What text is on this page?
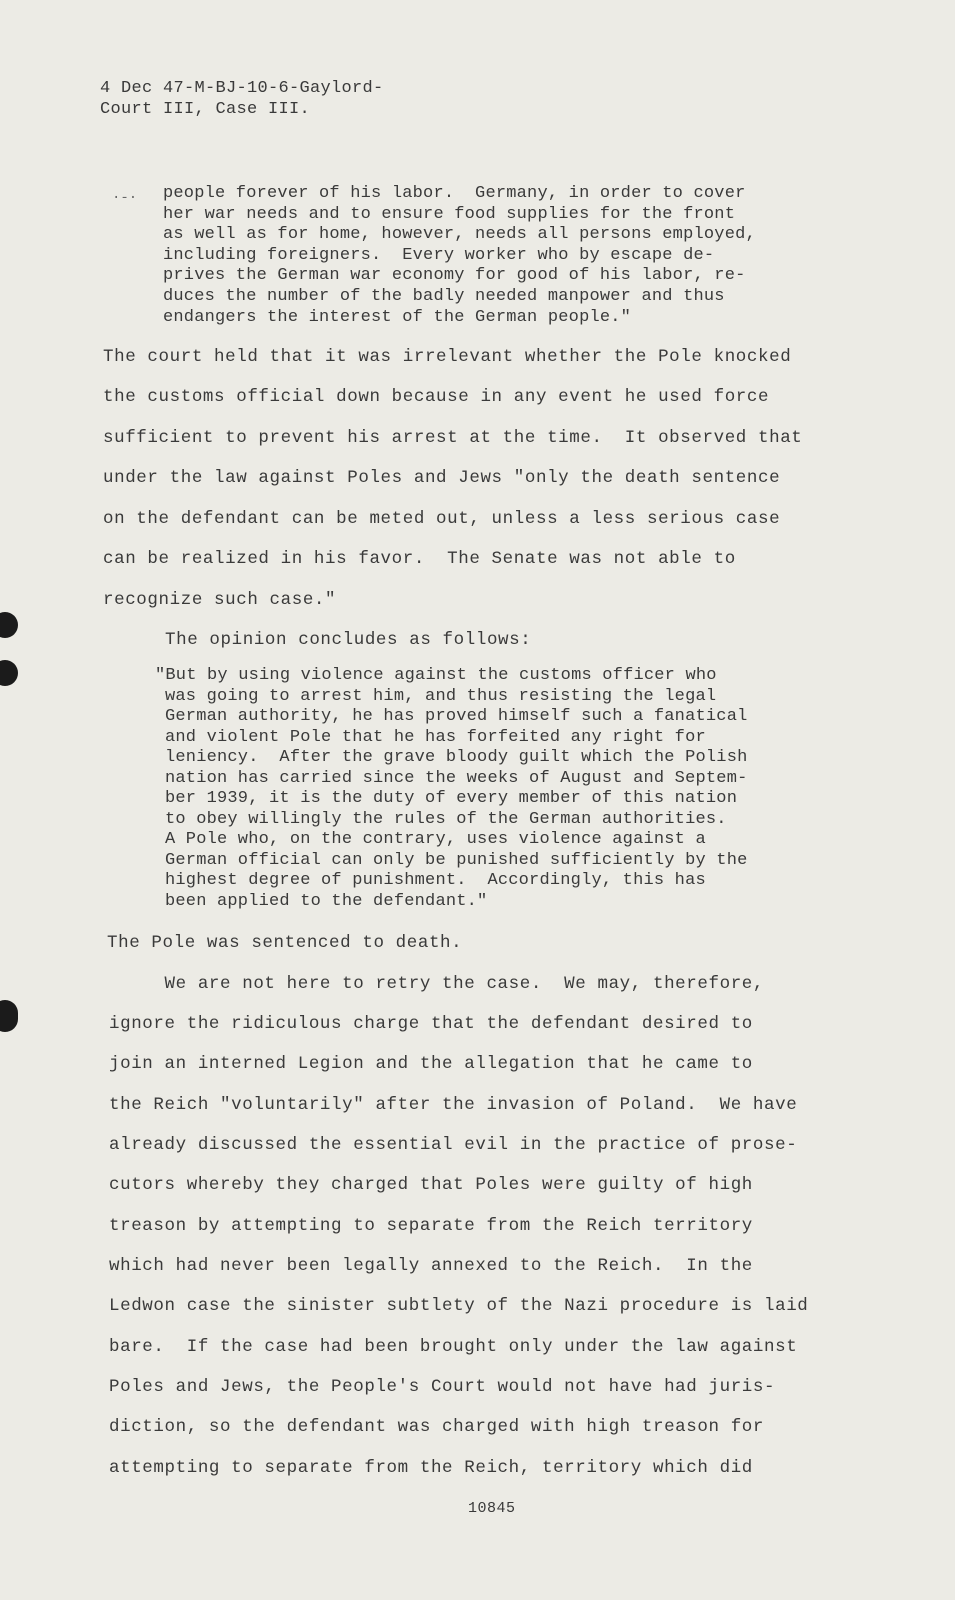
4 Dec 47-M-BJ-10-6-Gaylord-
Court III, Case III.
·-· people forever of his labor.  Germany, in order to cover
her war needs and to ensure food supplies for the front
as well as for home, however, needs all persons employed,
including foreigners.  Every worker who by escape de-
prives the German war economy for good of his labor, re-
duces the number of the badly needed manpower and thus
endangers the interest of the German people."
The court held that it was irrelevant whether the Pole knocked
the customs official down because in any event he used force
sufficient to prevent his arrest at the time.  It observed that
under the law against Poles and Jews "only the death sentence
on the defendant can be meted out, unless a less serious case
can be realized in his favor.  The Senate was not able to
recognize such case."
The opinion concludes as follows:
"But by using violence against the customs officer who
was going to arrest him, and thus resisting the legal
German authority, he has proved himself such a fanatical
and violent Pole that he has forfeited any right for
leniency.  After the grave bloody guilt which the Polish
nation has carried since the weeks of August and Septem-
ber 1939, it is the duty of every member of this nation
to obey willingly the rules of the German authorities.
A Pole who, on the contrary, uses violence against a
German official can only be punished sufficiently by the
highest degree of punishment.  Accordingly, this has
been applied to the defendant."
The Pole was sentenced to death.
We are not here to retry the case.  We may, therefore,
ignore the ridiculous charge that the defendant desired to
join an interned Legion and the allegation that he came to
the Reich "voluntarily" after the invasion of Poland.  We have
already discussed the essential evil in the practice of prose-
cutors whereby they charged that Poles were guilty of high
treason by attempting to separate from the Reich territory
which had never been legally annexed to the Reich.  In the
Ledwon case the sinister subtlety of the Nazi procedure is laid
bare.  If the case had been brought only under the law against
Poles and Jews, the People's Court would not have had juris-
diction, so the defendant was charged with high treason for
attempting to separate from the Reich, territory which did
10845
